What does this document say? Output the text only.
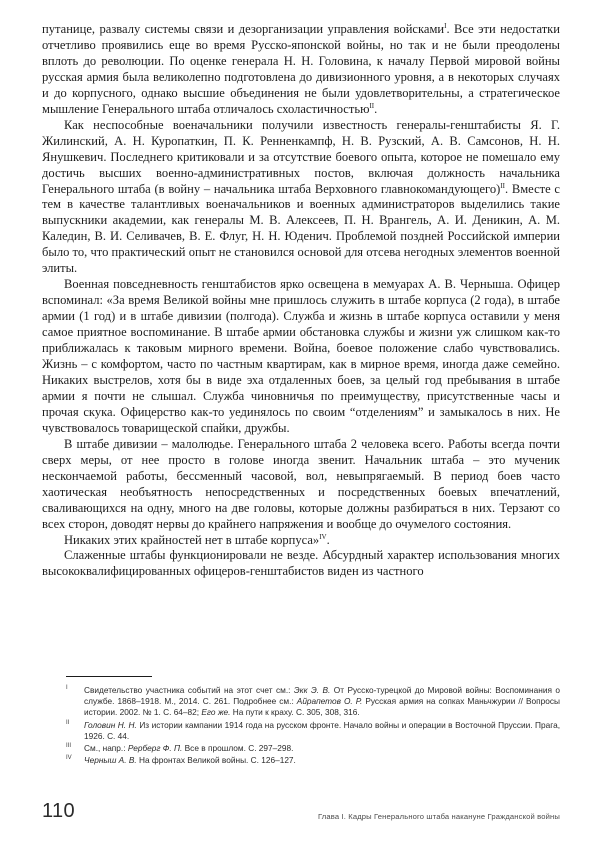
путанице, развалу системы связи и дезорганизации управления войсками$^I$. Все эти недостатки отчетливо проявились еще во время Русско-японской войны, но так и не были преодолены вплоть до революции. По оценке генерала Н. Н. Головина, к началу Первой мировой войны русская армия была великолепно подготовлена до дивизионного уровня, а в некоторых случаях и до корпусного, однако высшие объединения не были удовлетворительны, а стратегическое мышление Генерального штаба отличалось схоластичностью$^{II}$.

Как неспособные военачальники получили известность генералы-генштабисты Я. Г. Жилинский, А. Н. Куропаткин, П. К. Ренненкампф, Н. В. Рузский, А. В. Самсонов, Н. Н. Янушкевич. Последнего критиковали и за отсутствие боевого опыта, которое не помешало ему достичь высших военно-административных постов, включая должность начальника Генерального штаба (в войну – начальника штаба Верховного главнокомандующего)$^{II}$. Вместе с тем в качестве талантливых военачальников и военных администраторов выделились такие выпускники академии, как генералы М. В. Алексеев, П. Н. Врангель, А. И. Деникин, А. М. Каледин, В. И. Селивачев, В. Е. Флуг, Н. Н. Юденич. Проблемой поздней Российской империи было то, что практический опыт не становился основой для отсева негодных элементов военной элиты.

Военная повседневность генштабистов ярко освещена в мемуарах А. В. Черныша. Офицер вспоминал: «За время Великой войны мне пришлось служить в штабе корпуса (2 года), в штабе армии (1 год) и в штабе дивизии (полгода). Служба и жизнь в штабе корпуса оставили у меня самое приятное воспоминание. В штабе армии обстановка службы и жизни уж слишком как-то приближалась к таковым мирного времени. Война, боевое положение слабо чувствовались. Жизнь – с комфортом, часто по частным квартирам, как в мирное время, иногда даже семейно. Никаких выстрелов, хотя бы в виде эха отдаленных боев, за целый год пребывания в штабе армии я почти не слышал. Служба чиновничья по преимуществу, присутственные часы и прочая скука. Офицерство как-то уединялось по своим “отделениям” и замыкалось в них. Не чувствовалось товарищеской спайки, дружбы.

В штабе дивизии – малолюдье. Генерального штаба 2 человека всего. Работы всегда почти сверх меры, от нее просто в голове иногда звенит. Начальник штаба – это мученик нескончаемой работы, бессменный часовой, вол, невыпрягаемый. В период боев часто хаотическая необъятность непосредственных и посредственных боевых впечатлений, сваливающихся на одну, много на две головы, которые должны разбираться в них. Терзают со всех сторон, доводят нервы до крайнего напряжения и вообще до очумелого состояния.

Никаких этих крайностей нет в штабе корпуса»$^{IV}$.

Слаженные штабы функционировали не везде. Абсурдный характер использования многих высококвалифицированных офицеров-генштабистов виден из частного

I Свидетельство участника событий на этот счет см.: Экк Э. В. От Русско-турецкой до Мировой войны: Воспоминания о службе. 1868–1918. М., 2014. С. 261. Подробнее см.: Айрапетов О. Р. Русская армия на сопках Маньчжурии // Вопросы истории. 2002. № 1. С. 64–82; Его же. На пути к краху. С. 305, 308, 316.
II Головин Н. Н. Из истории кампании 1914 года на русском фронте. Начало войны и операции в Восточной Пруссии. Прага, 1926. С. 44.
III См., напр.: Рерберг Ф. П. Все в прошлом. С. 297–298.
IV Черныш А. В. На фронтах Великой войны. С. 126–127.
110	Глава I. Кадры Генерального штаба накануне Гражданской войны
